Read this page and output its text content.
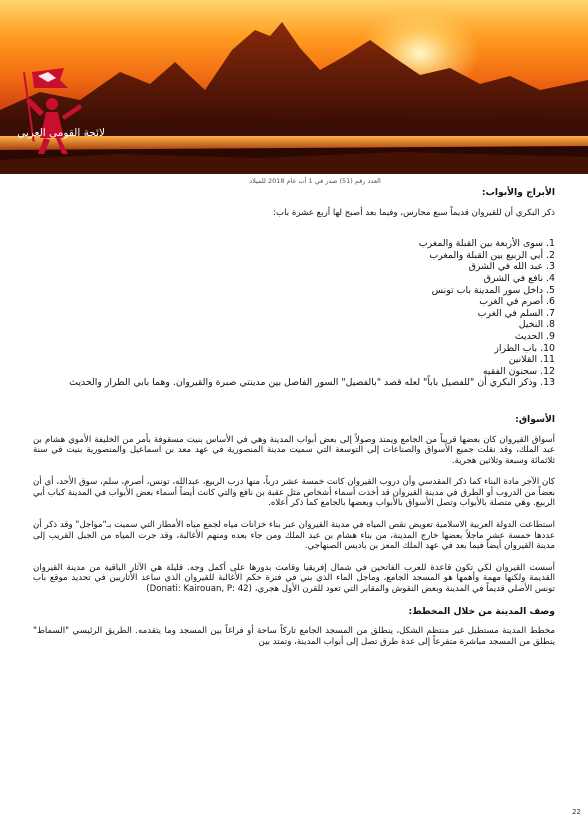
لائحة القومي العربي
العدد رقم (51) صدر في 1 أب عام 2018 للميلاد

الأبراج والأبواب:

ذكر البكري أن للقيروان قديماً سبع محارس، وفيما بعد أصبح لها أربع عشرة باب:

1. سوى الأربعة بين القبلة والمغرب
2. أبي الربيع بين القبلة والمغرب
3. عبد الله في الشرق
4. نافع في الشرق
5. داخل سور المدينة باب تونس
6. أصرم في الغرب
7. السلم في الغرب
8. النخيل
9. الحديث
10. باب الطراز
11. القلانين
12. سحنون الفقيه
13. وذكر البكري أن "للفصيل باباً" لعله قصد "بالفصيل" السور الفاصل بين مدينتي صبرة والقيروان. وهما بابي الطراز والحديث

الأسواق:

أسواق القيروان كان بعضها قريباً من الجامع ويمتد وصولاً إلى بعض أبواب المدينة وهي في الأساس بنيت مسقوفة بأمر من الخليفة الأموي هشام بن عبد الملك، وقد نقلت جميع الأسواق والصناعات إلى التوسعة التي سميت مدينة المنصورية في عهد معد بن اسماعيل والمنصورية بنيت في سنة ثلاثمائة وسبعة وثلاثين هجرية.

كان الآجر مادة البناء كما ذكر المقدسي وأن دروب القيروان كانت خمسة عشر درباً، منها درب الربيع، عبدالله، تونس، أصرم، سلم، سوق الأحد، أي أن بعضاً من الدروب أو الطرق في مدينة القيروان قد أخذت أسماء أشخاص مثل عقبة بن نافع والتي كانت أيضاً أسماء بعض الأبواب في المدينة كباب أبي الربيع. وهي متصلة بالأبواب وتصل الأسواق بالأبواب وبعضها بالجامع كما ذكر أعلاه.

استطاعت الدولة العربية الاسلامية تعويض نقص المياه في مدينة القيروان عبر بناء خزانات مياه لجمع مياه الأمطار التي سميت بـ"مواجل" وقد ذكر أن عددها خمسة عشر ماجلاً بعضها خارج المدينة، من بناء هشام بن عبد الملك ومن جاء بعده ومنهم الأغالبة، وقد جرت المياه من الجبل القريب إلى مدينة القيروان أيضاً فيما بعد في عهد الملك المعز بن باديس الصنهاجي.

أسست القيروان لكي تكون قاعدة للعرب الفاتحين في شمال إفريقيا وقامت بدورها على أكمل وجه. قليلة هي الآثار الباقية من مدينة القيروان القديمة ولكنها مهمة وأهمها هو المسجد الجامع، وماجل الماء الذي بني في فترة حكم الأغالبة للقيروان الذي ساعد الأثاريين في تحديد موقع باب تونس الأصلي قديماً في المدينة وبعض النقوش والمقابر التي تعود للقرن الأول هجري، (Donati: Kairouan, P: 42)

وصف المدينة من خلال المخطط:

مخطط المدينة مستطيل غير منتظم الشكل، ينطلق من المسجد الجامع تاركاً ساحة أو فراغاً بين المسجد وما يتقدمه. الطريق الرئيسي "السماط" ينطلق من المسجد مباشرة متفرعاً إلى عدة طرق تصل إلى أبواب المدينة، وتمتد بين

22
